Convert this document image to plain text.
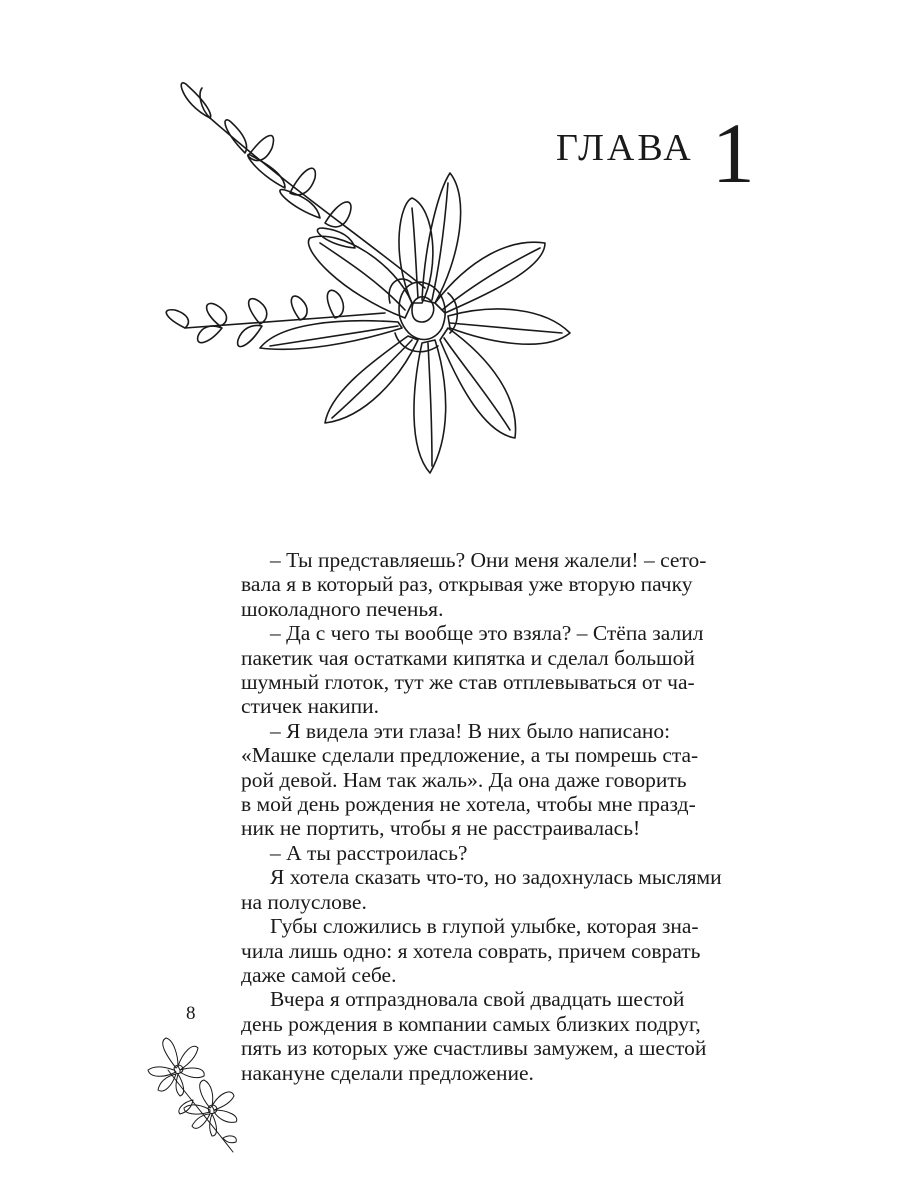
ГЛАВА 1

– Ты представляешь? Они меня жалели! – сето-
вала я в который раз, открывая уже вторую пачку
шоколадного печенья.

– Да с чего ты вообще это взяла? – Стёпа залил
пакетик чая остатками кипятка и сделал большой
шумный глоток, тут же став отплевываться от ча-
стичек накипи.

– Я видела эти глаза! В них было написано:
«Машке сделали предложение, а ты помрешь ста-
рой девой. Нам так жаль». Да она даже говорить
в мой день рождения не хотела, чтобы мне празд-
ник не портить, чтобы я не расстраивалась!

– А ты расстроилась?

Я хотела сказать что-то, но задохнулась мыслями
на полуслове.

Губы сложились в глупой улыбке, которая зна-
чила лишь одно: я хотела соврать, причем соврать
даже самой себе.

Вчера я отпраздновала свой двадцать шестой
день рождения в компании самых близких подруг,
пять из которых уже счастливы замужем, а шестой
накануне сделали предложение.

8
